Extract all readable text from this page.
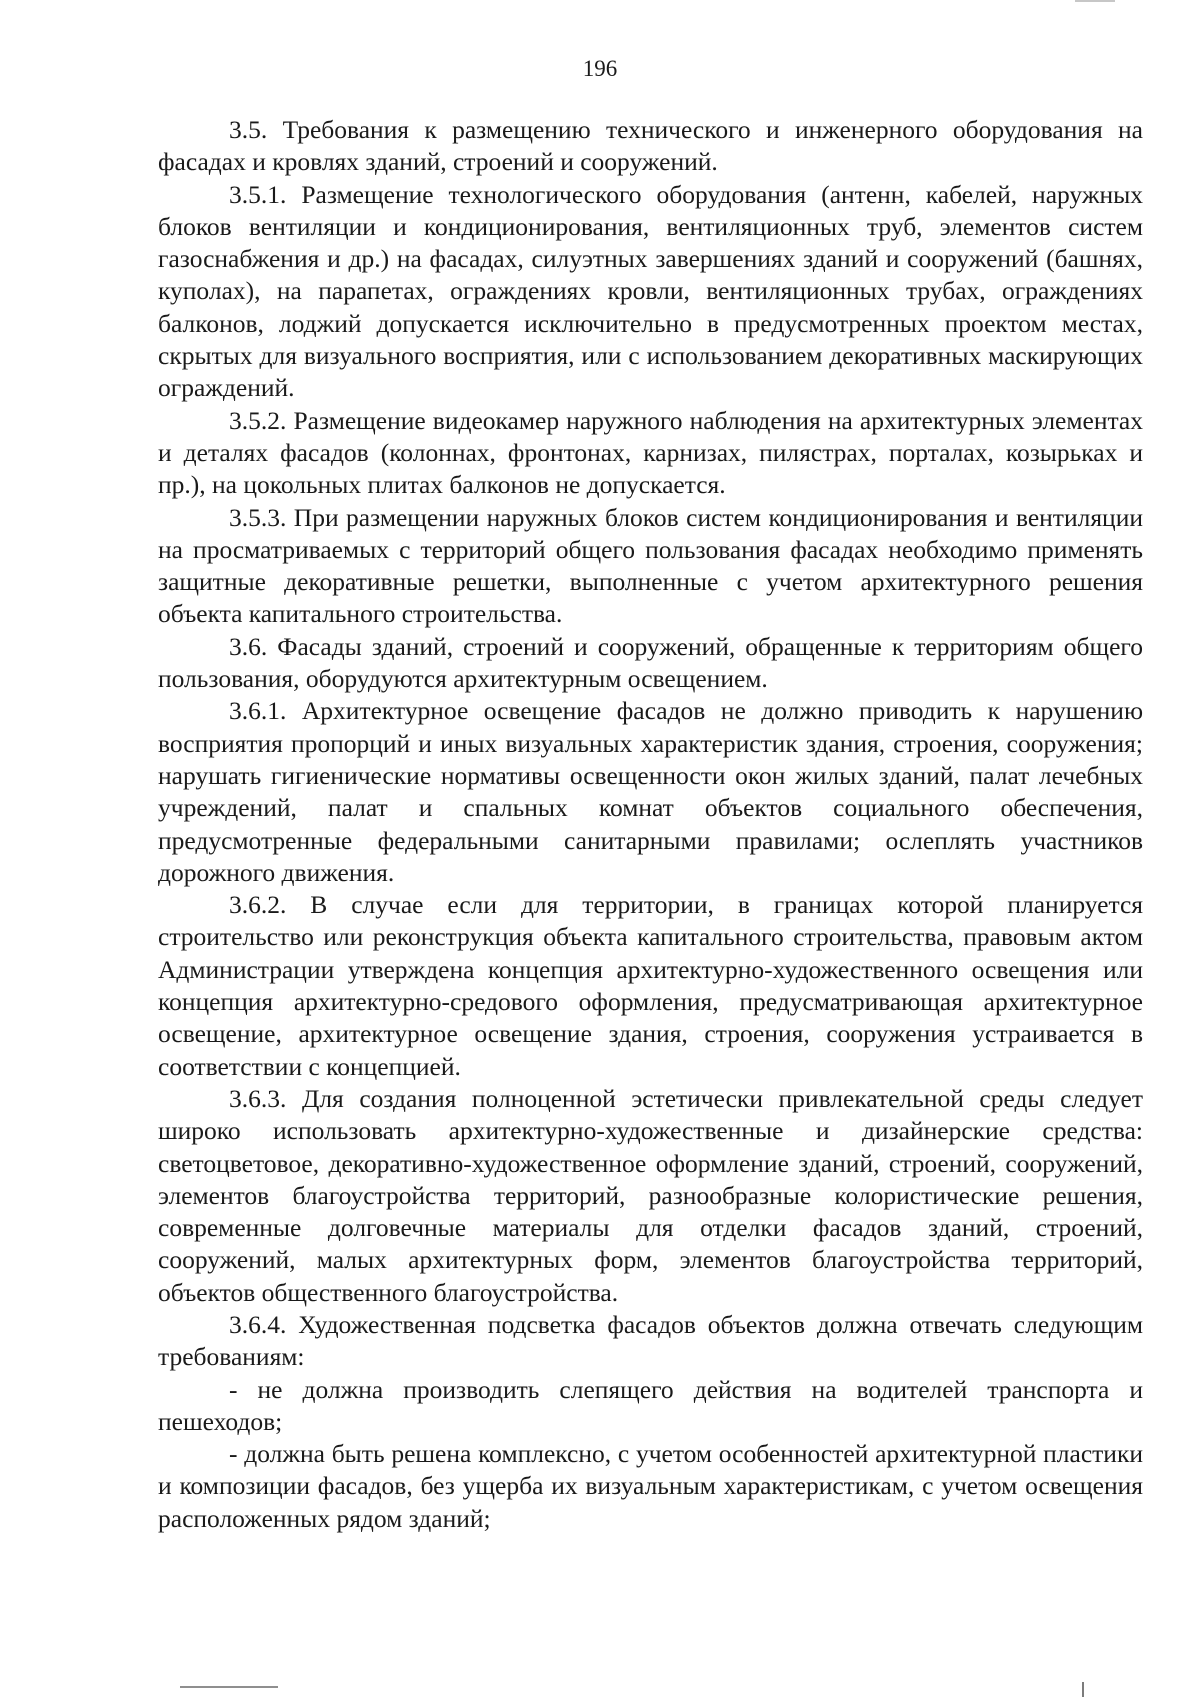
196

3.5. Требования к размещению технического и инженерного оборудования на фасадах и кровлях зданий, строений и сооружений.

3.5.1. Размещение технологического оборудования (антенн, кабелей, наружных блоков вентиляции и кондиционирования, вентиляционных труб, элементов систем газоснабжения и др.) на фасадах, силуэтных завершениях зданий и сооружений (башнях, куполах), на парапетах, ограждениях кровли, вентиляционных трубах, ограждениях балконов, лоджий допускается исключительно в предусмотренных проектом местах, скрытых для визуального восприятия, или с использованием декоративных маскирующих ограждений.

3.5.2. Размещение видеокамер наружного наблюдения на архитектурных элементах и деталях фасадов (колоннах, фронтонах, карнизах, пилястрах, порталах, козырьках и пр.), на цокольных плитах балконов не допускается.

3.5.3. При размещении наружных блоков систем кондиционирования и вентиляции на просматриваемых с территорий общего пользования фасадах необходимо применять защитные декоративные решетки, выполненные с учетом архитектурного решения объекта капитального строительства.

3.6. Фасады зданий, строений и сооружений, обращенные к территориям общего пользования, оборудуются архитектурным освещением.

3.6.1. Архитектурное освещение фасадов не должно приводить к нарушению восприятия пропорций и иных визуальных характеристик здания, строения, сооружения; нарушать гигиенические нормативы освещенности окон жилых зданий, палат лечебных учреждений, палат и спальных комнат объектов социального обеспечения, предусмотренные федеральными санитарными правилами; ослеплять участников дорожного движения.

3.6.2. В случае если для территории, в границах которой планируется строительство или реконструкция объекта капитального строительства, правовым актом Администрации утверждена концепция архитектурно-художественного освещения или концепция архитектурно-средового оформления, предусматривающая архитектурное освещение, архитектурное освещение здания, строения, сооружения устраивается в соответствии с концепцией.

3.6.3. Для создания полноценной эстетически привлекательной среды следует широко использовать архитектурно-художественные и дизайнерские средства: светоцветовое, декоративно-художественное оформление зданий, строений, сооружений, элементов благоустройства территорий, разнообразные колористические решения, современные долговечные материалы для отделки фасадов зданий, строений, сооружений, малых архитектурных форм, элементов благоустройства территорий, объектов общественного благоустройства.

3.6.4. Художественная подсветка фасадов объектов должна отвечать следующим требованиям:

- не должна производить слепящего действия на водителей транспорта и пешеходов;

- должна быть решена комплексно, с учетом особенностей архитектурной пластики и композиции фасадов, без ущерба их визуальным характеристикам, с учетом освещения расположенных рядом зданий;
